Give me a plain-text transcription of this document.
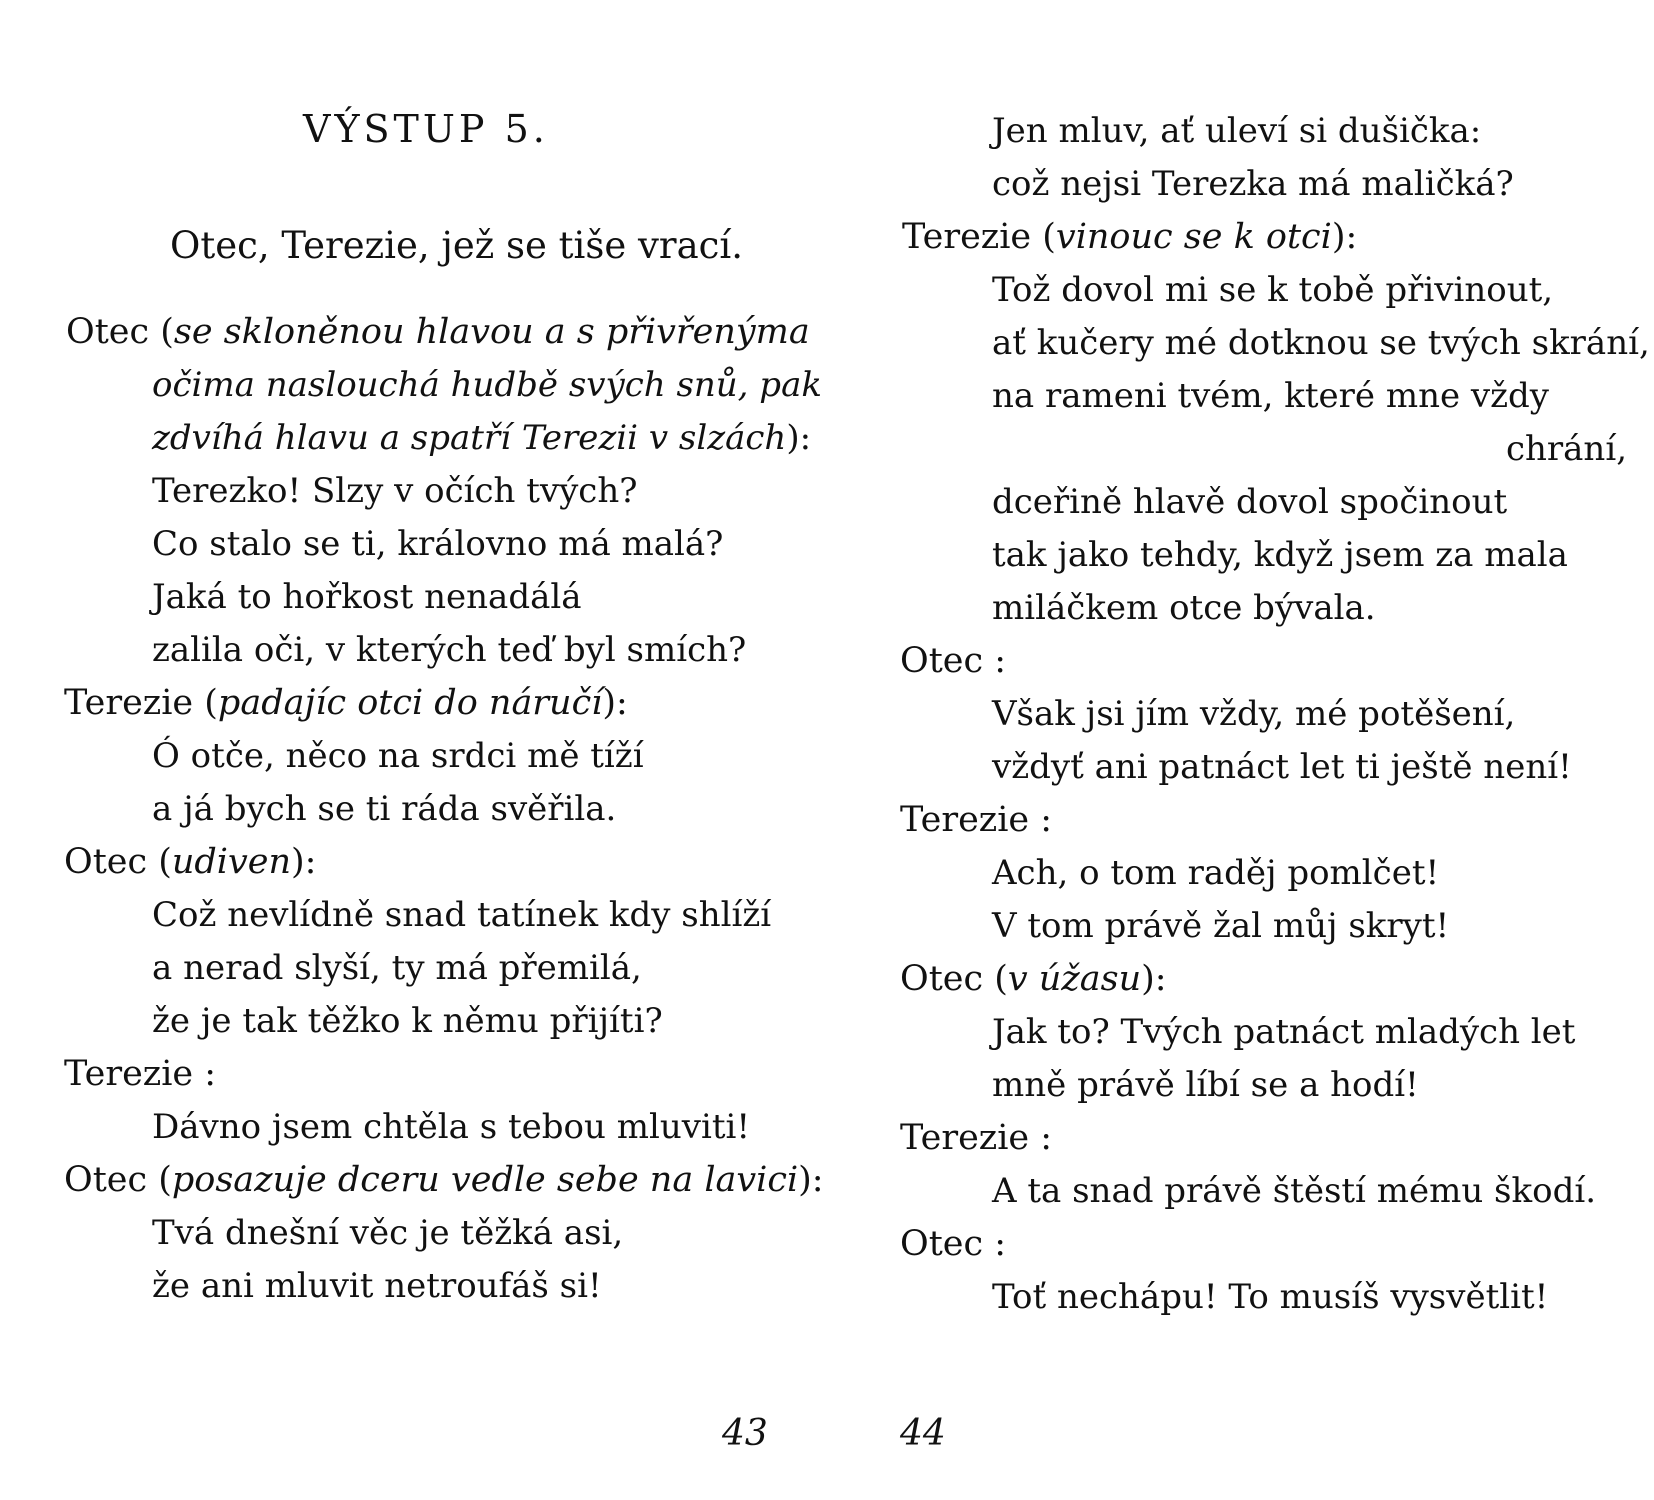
VÝSTUP 5.
Otec, Terezie, jež se tiše vrací.
Otec (se skloněnou hlavou a s přivřenýma
očima naslouchá hudbě svých snů, pak
zdvíhá hlavu a spatří Terezii v slzách):
Terezko! Slzy v očích tvých?
Co stalo se ti, královno má malá?
Jaká to hořkost nenadálá
zalila oči, v kterých teď byl smích?
Terezie (padajíc otci do náručí):
Ó otče, něco na srdci mě tíží
a já bych se ti ráda svěřila.
Otec (udiven):
Což nevlídně snad tatínek kdy shlíží
a nerad slyší, ty má přemilá,
že je tak těžko k němu přijíti?
Terezie :
Dávno jsem chtěla s tebou mluviti!
Otec (posazuje dceru vedle sebe na lavici):
Tvá dnešní věc je těžká asi,
že ani mluvit netroufáš si!
43
Jen mluv, ať uleví si dušička:
což nejsi Terezka má maličká?
Terezie (vinouc se k otci):
Tož dovol mi se k tobě přivinout,
ať kučery mé dotknou se tvých skrání,
na rameni tvém, které mne vždy
chrání,
dceřině hlavě dovol spočinout
tak jako tehdy, když jsem za mala
miláčkem otce bývala.
Otec :
Však jsi jím vždy, mé potěšení,
vždyť ani patnáct let ti ještě není!
Terezie :
Ach, o tom raděj pomlčet!
V tom právě žal můj skryt!
Otec (v úžasu):
Jak to? Tvých patnáct mladých let
mně právě líbí se a hodí!
Terezie :
A ta snad právě štěstí mému škodí.
Otec :
Toť nechápu! To musíš vysvětlit!
44
